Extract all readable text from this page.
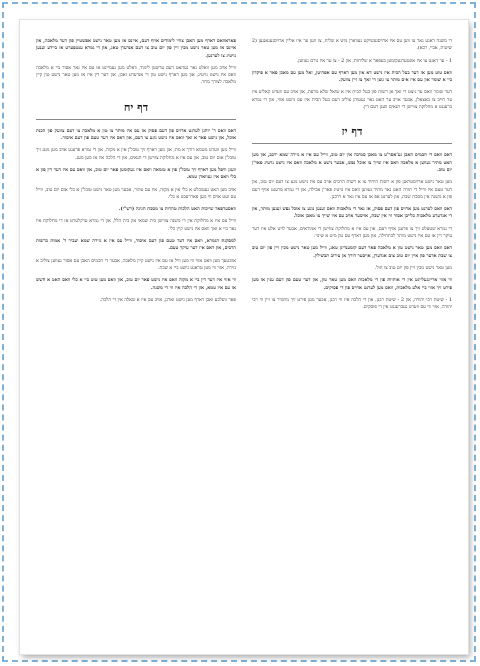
די משנה דאגט נאר צו ווען עס איז ארויסגעשיקט געווארן מיט א שליח, צו ווען ער איז אליין ארויסגעגאנגען (2 שיטות, אביי, רבא).

1 - ער דאגט צו איז אונטערגעקומען בעפאר א שליחות, און 2 - צו ער איז גורם געווען.

וואס טוט מען אז דער בעל הבית איז נישט דא און מען דארף עס אפהיטן, זאל מען עס מאכן פאר א פיקדון ביי א שומר און עס איז אים מותר צו נוצן די זאך צו זיין צוועק.

דער שומר וואס ער ניצט די זאך אן רשות פון בעל הבית איז א שואל שלא מדעת, און אויב עס ווערט קאליע איז ער חייב צו באצאלן, אבער אויב ער האט נאר געטוהן צוליב דעם בעל הבית איז עס נישט אזוי, און די גמרא ברענגט א מחלוקת צווישן די תנאים וועגן דעם דין.

דף יז

דאס וואס די חכמים האבן גע'אסר'ט צו מאכן סמיכה אין יום טוב, ווייל עס איז א גזירה שמא ירכב, און מען האט מתיר געווען א מלאכה וואס איז שייך צו אוכל נפש, אבער נישט א מלאכה וואס איז נישט נויטיג פאר'ן יום טוב.

מען טאר נישט ארויסטראגן פון א רשות היחיד צו א רשות הרבים אויב עס איז נישט נוגע צו דעם יום טוב, און דער טעם איז ווייל די תורה האט נאר מתיר געווען וואס איז נויטיג פאר'ן אכילה, און די גמרא פרעגט אויף דעם פון א משנה אין מסכת שבת, און לערנט אפ אז עס איז נאר א דרבנן.

דאס וואס לערנט מען ארויס פון דעם פסוק, אז נאר די מלאכות וואס זענען נוגע צו אוכל נפש זענען מותר, און די אנדערע מלאכות בלייבן אסור ווי אין שבת, אויסער אויב עס איז שייך צו מאכן אוכל.

די גמרא שטעלט זיך צו פרעגן אויף דעם, און עס איז א מחלוקת צווישן די אמוראים, אבער לויט אלע איז דער עיקר דין אז עס איז נישט מותר לכתחילה, און מען דארף עס טון מיט א שינוי.

דאס וואס מען טאר נישט טון א מלאכה פאר דעם קומענדיגן טאג, ווייל מען טאר נישט מכין זיין פון יום טוב צו שבת אדער פון איין יום טוב צום אנדערן, אויסער דורך אן עירוב תבשילין.

מען טאר נישט מכין זיין פון יום טוב צו חול.

ווי אזוי אריינגעלייגט אין די אותיות פון די מלאכות וואס מען טאר טון, און דער טעם פון דעם ענין אז מען פירט זיך אזוי ביי אלע מלאכות, וואס מען לערנט ארויס פון די פסוקים.

1 - שיטת רבי יהודה, און 2 - שיטת רבנן, און די הלכה איז ווי רבנן, אבער מען פירט זיך מחמיר צו זיין ווי רבי יהודה, אזוי ווי עס ווערט געברענגט אין די פוסקים.

פאראוואס דארף מען האבן צוויי לימודים אויף דעם, איינס אז מען טאר נישט אפשטיין פון דער מלאכה, און איינס אז מען טאר נישט מכין זיין פון יום טוב צו דעם אנדערן טאג, און די גמרא ענטפערט אז ביידע זענען נויטיג צו לערנען.

ווייל אויב מען וואלט נאר געהאט דעם ערשטן לימוד, וואלט מען געמיינט אז עס איז נאר אסור ביי א מלאכה וואס איז נישט נויטיג, און מען דארף נישט טון די אנדערע זאכן, און דער דין איז אז מען טאר נישט טון קיין מלאכה לצורך מחר.

דף יח

דאס וואס ר' יוחנן לערנט ארויס פון דעם פסוק אז עס איז מותר צו טון א מלאכה צו דעם צוועק פון הכנת אוכל, און נישט פאר א זאך וואס איז נישט נוגע צו דעם, און דאס איז דער טעם פון דעם איסור.

ווייל מען ווערט מטמא דורך א מת, און מען דארף זיך טובל'ן אין א מקוה, און די גמרא פרעגט אויב מען מעג זיך טובל'ן אום יום טוב, און עס איז א מחלוקת צווישן די תנאים, און די הלכה איז אז מען מעג.

וועגן וויפל מען דארף זיך טובל'ן פון א טומאה וואס איז געקומען פאר יום טוב, און וואס עס איז דער דין פון א כלי וואס איז געווארן טמא.

אויב מען האט געטובלט א כלי אין א מקוה, איז עס טהור, אבער מען טאר נישט טובל'ן א כלי אום יום טוב, ווייל עס זעט אויס ווי מען פאררעכט א כלי.

וואסערפאר שייכות האט הלכות טהרות צו מסכת חגיגה (רש"י).

ווייל עס איז א מחלוקת אין די משנה צווישן בית שמאי און בית הלל, און די גמרא ערקלערט אז די מחלוקת איז נאר ביי א זאך וואס איז נישט קיין כלי.

למסקנת הגמרא, וואס איז דער טעם פון דעם איסור, ווייל עס איז א גזירה שמא יעביר ד' אמות ברשות הרבים, און דאס איז דער עיקר טעם.

אוונטעך מען וואט אזוי ווי מען וויל אז עס איז נישט קיין מלאכה, אבער די חכמים האבן עס אסור געווען צוליב א גזירה, אזוי ווי מען טראגט נישט ביי א שבת.

ווי אזוי איז דער דין ביי א מקוה וואס איז נישט פאר יום טוב, און וואס מען טוט ביי א כלי וואס האט א חשש אז עס איז טמא, און די הלכה איז ווי די משנה.

פאר וועלכע זאכן דארף מען נישט זארגן, אויב עס איז א שאלה אין די הלכה.
